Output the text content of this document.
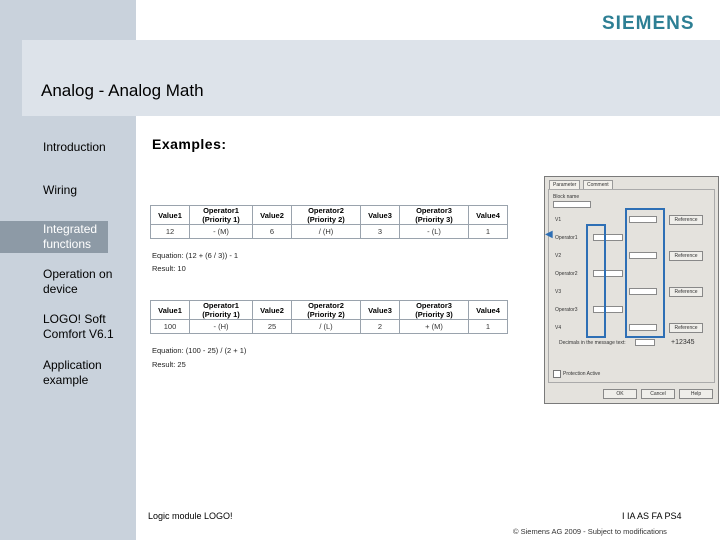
SIEMENS
Analog - Analog Math
Introduction
Wiring
Integrated functions
Operation on device
LOGO! Soft Comfort V6.1
Application example
Examples:
Value1	Operator1 (Priority 1)	Value2	Operator2 (Priority 2)	Value3	Operator3 (Priority 3)	Value4
12	- (M)	6	/ (H)	3	- (L)	1
Equation: (12 + (6 / 3)) - 1
Result: 10
Value1	Operator1 (Priority 1)	Value2	Operator2 (Priority 2)	Value3	Operator3 (Priority 3)	Value4
100	- (H)	25	/ (L)	2	+ (M)	1
Equation: (100 - 25) / (2 + 1)
Result: 25
Parameter	Comment
Block name
V1	Reference
Operator1
V2	Reference
Operator2
V3	Reference
Operator3
V4	Reference
Decimals in the message text:	+12345
Protection Active
OK	Cancel	Help
◀
Logic module LOGO!	I IA AS FA PS4
© Siemens AG 2009 - Subject to modifications
